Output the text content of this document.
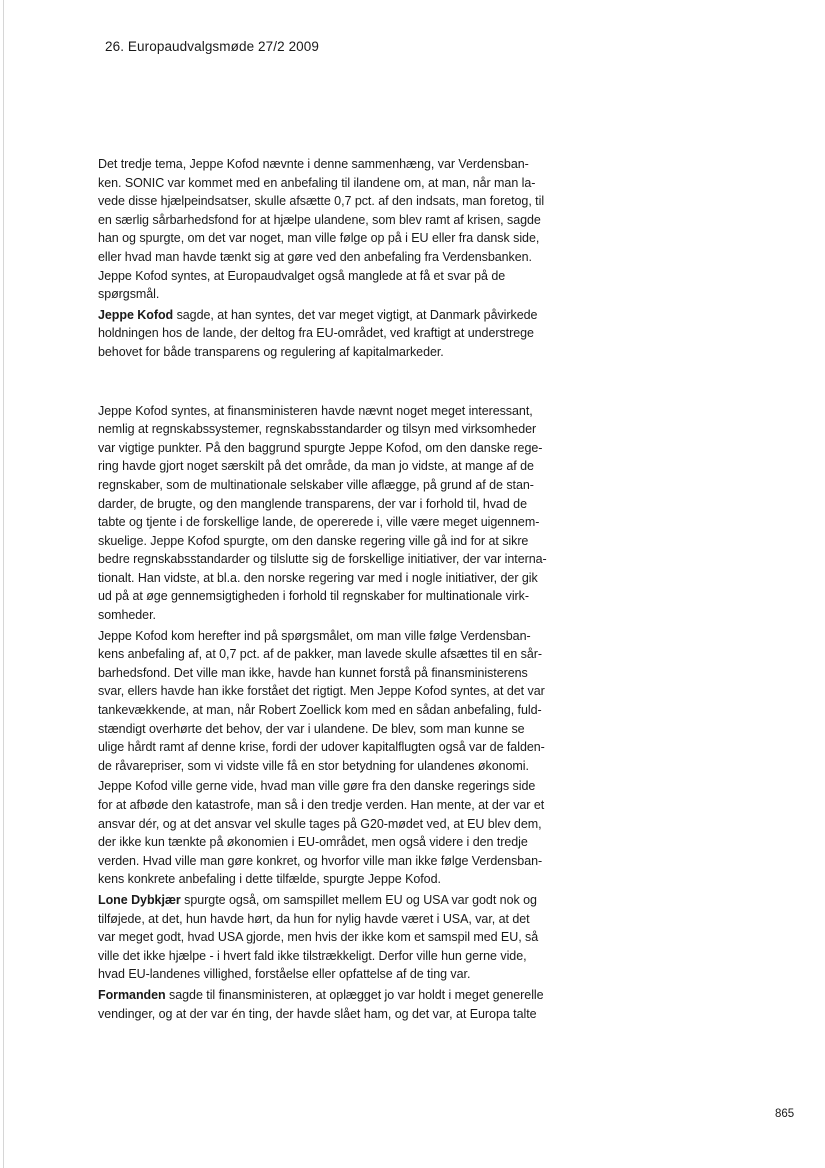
26. Europaudvalgsmøde 27/2 2009
Det tredje tema, Jeppe Kofod nævnte i denne sammenhæng, var Verdensban-
ken. SONIC var kommet med en anbefaling til ilandene om, at man, når man la-
vede disse hjælpeindsatser, skulle afsætte 0,7 pct. af den indsats, man foretog, til
en særlig sårbarhedsfond for at hjælpe ulandene, som blev ramt af krisen, sagde
han og spurgte, om det var noget, man ville følge op på i EU eller fra dansk side,
eller hvad man havde tænkt sig at gøre ved den anbefaling fra Verdensbanken.
Jeppe Kofod syntes, at Europaudvalget også manglede at få et svar på de
spørgsmål.
Jeppe Kofod sagde, at han syntes, det var meget vigtigt, at Danmark påvirkede
holdningen hos de lande, der deltog fra EU-området, ved kraftigt at understrege
behovet for både transparens og regulering af kapitalmarkeder.
Jeppe Kofod syntes, at finansministeren havde nævnt noget meget interessant,
nemlig at regnskabssystemer, regnskabsstandarder og tilsyn med virksomheder
var vigtige punkter. På den baggrund spurgte Jeppe Kofod, om den danske rege-
ring havde gjort noget særskilt på det område, da man jo vidste, at mange af de
regnskaber, som de multinationale selskaber ville aflægge, på grund af de stan-
darder, de brugte, og den manglende transparens, der var i forhold til, hvad de
tabte og tjente i de forskellige lande, de opererede i, ville være meget uigennem-
skuelige. Jeppe Kofod spurgte, om den danske regering ville gå ind for at sikre
bedre regnskabsstandarder og tilslutte sig de forskellige initiativer, der var interna-
tionalt. Han vidste, at bl.a. den norske regering var med i nogle initiativer, der gik
ud på at øge gennemsigtigheden i forhold til regnskaber for multinationale virk-
somheder.
Jeppe Kofod kom herefter ind på spørgsmålet, om man ville følge Verdensban-
kens anbefaling af, at 0,7 pct. af de pakker, man lavede skulle afsættes til en sår-
barhedsfond. Det ville man ikke, havde han kunnet forstå på finansministerens
svar, ellers havde han ikke forstået det rigtigt. Men Jeppe Kofod syntes, at det var
tankevækkende, at man, når Robert Zoellick kom med en sådan anbefaling, fuld-
stændigt overhørte det behov, der var i ulandene. De blev, som man kunne se
ulige hårdt ramt af denne krise, fordi der udover kapitalflugten også var de falden-
de råvarepriser, som vi vidste ville få en stor betydning for ulandenes økonomi.
Jeppe Kofod ville gerne vide, hvad man ville gøre fra den danske regerings side
for at afbøde den katastrofe, man så i den tredje verden. Han mente, at der var et
ansvar dér, og at det ansvar vel skulle tages på G20-mødet ved, at EU blev dem,
der ikke kun tænkte på økonomien i EU-området, men også videre i den tredje
verden. Hvad ville man gøre konkret, og hvorfor ville man ikke følge Verdensban-
kens konkrete anbefaling i dette tilfælde, spurgte Jeppe Kofod.
Lone Dybkjær spurgte også, om samspillet mellem EU og USA var godt nok og
tilføjede, at det, hun havde hørt, da hun for nylig havde været i USA, var, at det
var meget godt, hvad USA gjorde, men hvis der ikke kom et samspil med EU, så
ville det ikke hjælpe - i hvert fald ikke tilstrækkeligt. Derfor ville hun gerne vide,
hvad EU-landenes villighed, forståelse eller opfattelse af de ting var.
Formanden sagde til finansministeren, at oplægget jo var holdt i meget generelle
vendinger, og at der var én ting, der havde slået ham, og det var, at Europa talte
865
